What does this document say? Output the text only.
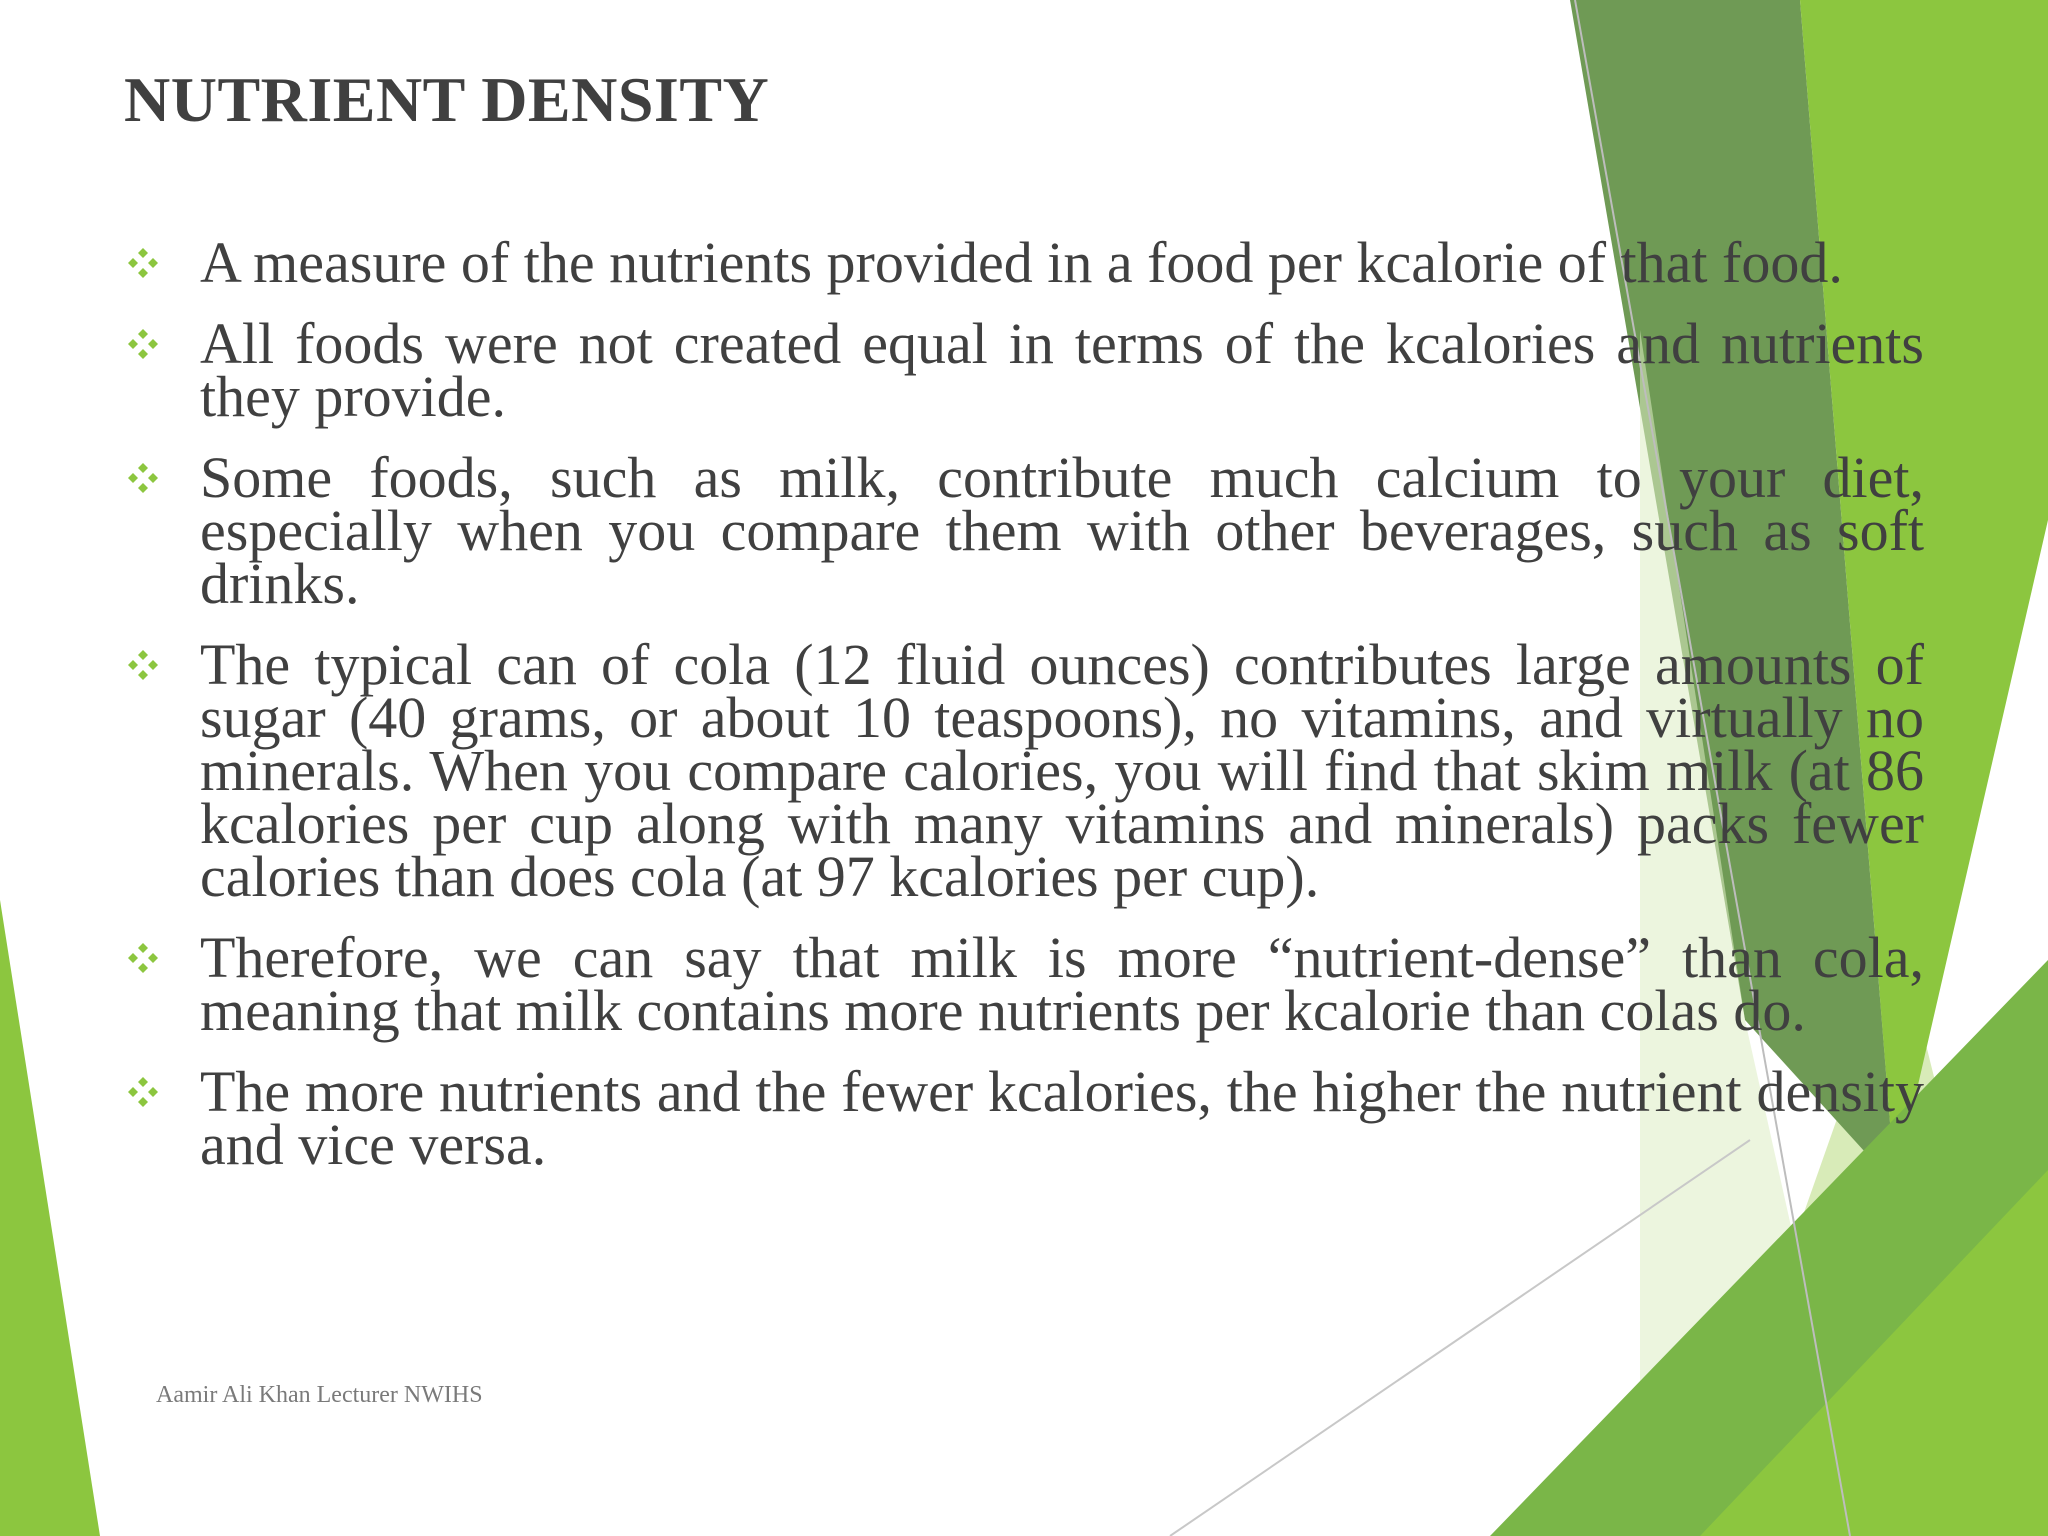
NUTRIENT DENSITY
A measure of the nutrients provided in a food per kcalorie of that food.
All foods were not created equal in terms of the kcalories and nutrients they provide.
Some foods, such as milk, contribute much calcium to your diet, especially when you compare them with other beverages, such as soft drinks.
The typical can of cola (12 fluid ounces) contributes large amounts of sugar (40 grams, or about 10 teaspoons), no vitamins, and virtually no minerals. When you compare calories, you will find that skim milk (at 86 kcalories per cup along with many vitamins and minerals) packs fewer calories than does cola (at 97 kcalories per cup).
Therefore, we can say that milk is more “nutrient-dense” than cola, meaning that milk contains more nutrients per kcalorie than colas do.
The more nutrients and the fewer kcalories, the higher the nutrient density and vice versa.
Aamir Ali Khan Lecturer NWIHS
